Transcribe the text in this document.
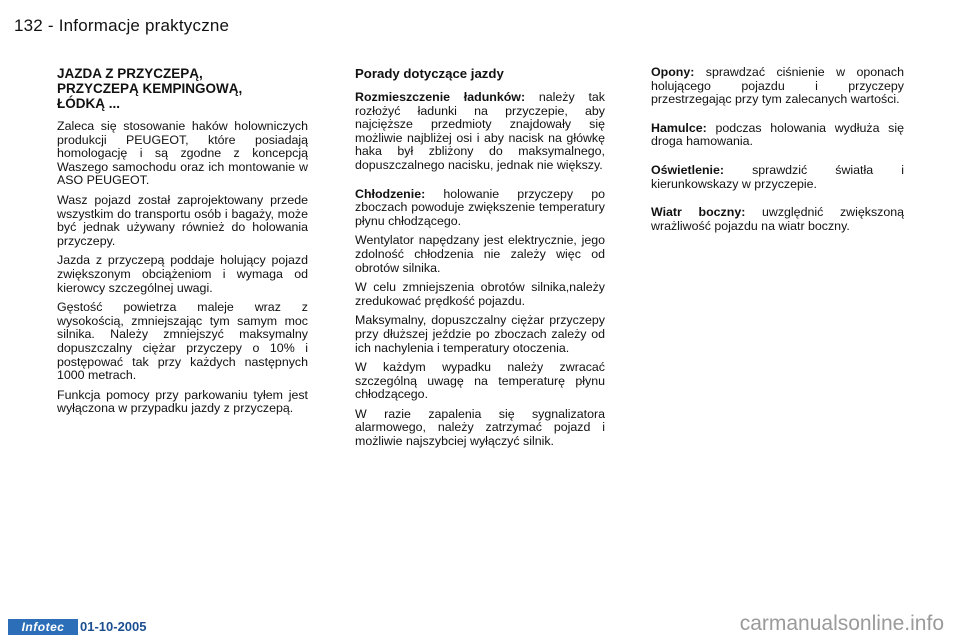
132 - Informacje praktyczne
JAZDA Z PRZYCZEPĄ,
PRZYCZEPĄ KEMPINGOWĄ,
ŁÓDKĄ ...

Zaleca się stosowanie haków holowniczych produkcji PEUGEOT, które posiadają homologację i są zgodne z koncepcją Waszego samochodu oraz ich montowanie w ASO PEUGEOT.

Wasz pojazd został zaprojektowany przede wszystkim do transportu osób i bagaży, może być jednak używany również do holowania przyczepy.

Jazda z przyczepą poddaje holujący pojazd zwiększonym obciążeniom i wymaga od kierowcy szczególnej uwagi.

Gęstość powietrza maleje wraz z wysokością, zmniejszając tym samym moc silnika. Należy zmniejszyć maksymalny dopuszczalny ciężar przyczepy o 10% i postępować tak przy każdych następnych 1000 metrach.

Funkcja pomocy przy parkowaniu tyłem jest wyłączona w przypadku jazdy z przyczepą.

Porady dotyczące jazdy

Rozmieszczenie ładunków: należy tak rozłożyć ładunki na przyczepie, aby najcięższe przedmioty znajdowały się możliwie najbliżej osi i aby nacisk na główkę haka był zbliżony do maksymalnego, dopuszczalnego nacisku, jednak nie większy.

Chłodzenie: holowanie przyczepy po zboczach powoduje zwiększenie temperatury płynu chłodzącego.

Wentylator napędzany jest elektrycznie, jego zdolność chłodzenia nie zależy więc od obrotów silnika.

W celu zmniejszenia obrotów silnika,należy zredukować prędkość pojazdu.

Maksymalny, dopuszczalny ciężar przyczepy przy dłuższej jeździe po zboczach zależy od ich nachylenia i temperatury otoczenia.

W każdym wypadku należy zwracać szczególną uwagę na temperaturę płynu chłodzącego.

W razie zapalenia się sygnalizatora alarmowego, należy zatrzymać pojazd i możliwie najszybciej wyłączyć silnik.

Opony: sprawdzać ciśnienie w oponach holującego pojazdu i przyczepy przestrzegając przy tym zalecanych wartości.

Hamulce: podczas holowania wydłuża się droga hamowania.

Oświetlenie: sprawdzić światła i kierunkowskazy w przyczepie.

Wiatr boczny: uwzględnić zwiększoną wrażliwość pojazdu na wiatr boczny.

Infotec	01-10-2005	carmanualsonline.info
